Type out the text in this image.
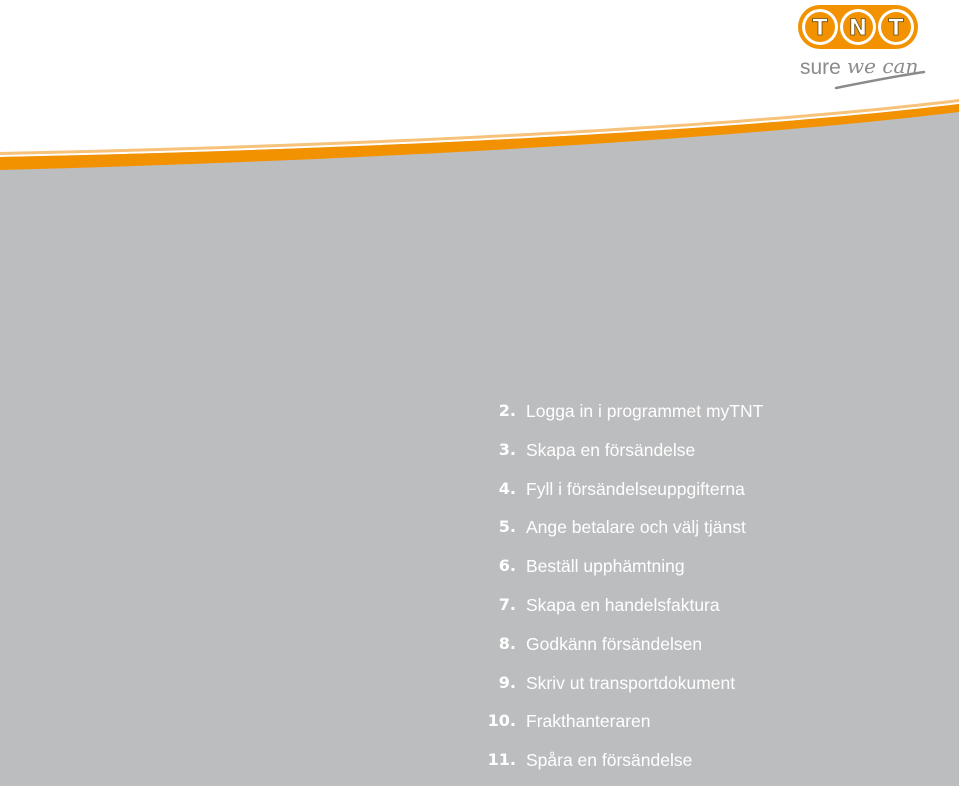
T N T
sure we can
2. Logga in i programmet myTNT
3. Skapa en försändelse
4. Fyll i försändelseuppgifterna
5. Ange betalare och välj tjänst
6. Beställ upphämtning
7. Skapa en handelsfaktura
8. Godkänn försändelsen
9. Skriv ut transportdokument
10. Frakthanteraren
11. Spåra en försändelse
